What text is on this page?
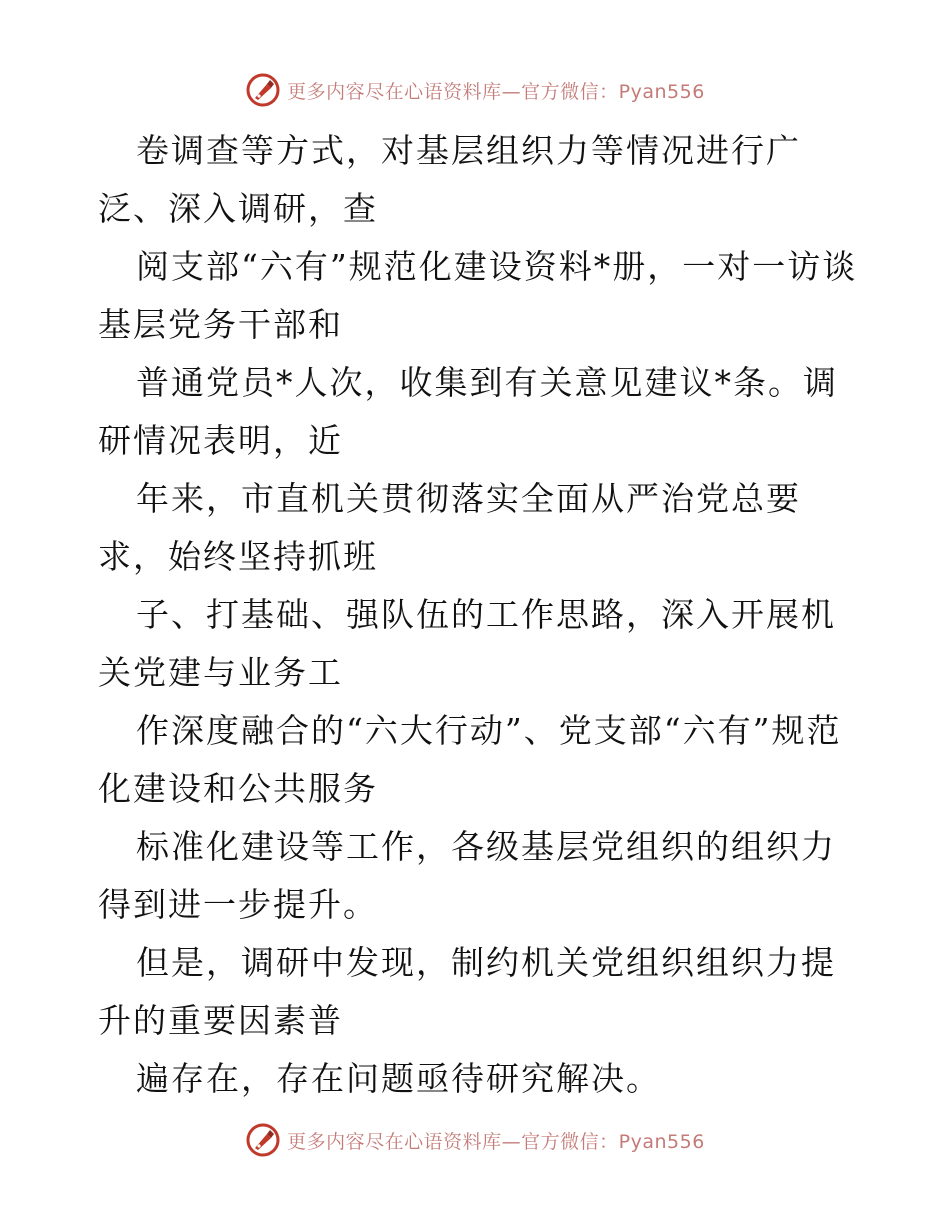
更多内容尽在心语资料库—官方微信：Pyan556

卷调查等方式，对基层组织力等情况进行广泛、深入调研，查

阅支部“六有”规范化建设资料*册，一对一访谈基层党务干部和

普通党员*人次，收集到有关意见建议*条。调研情况表明，近

年来，市直机关贯彻落实全面从严治党总要求，始终坚持抓班

子、打基础、强队伍的工作思路，深入开展机关党建与业务工

作深度融合的“六大行动”、党支部“六有”规范化建设和公共服务

标准化建设等工作，各级基层党组织的组织力得到进一步提升。

但是，调研中发现，制约机关党组织组织力提升的重要因素普

遍存在，存在问题亟待研究解决。

更多内容尽在心语资料库—官方微信：Pyan556
